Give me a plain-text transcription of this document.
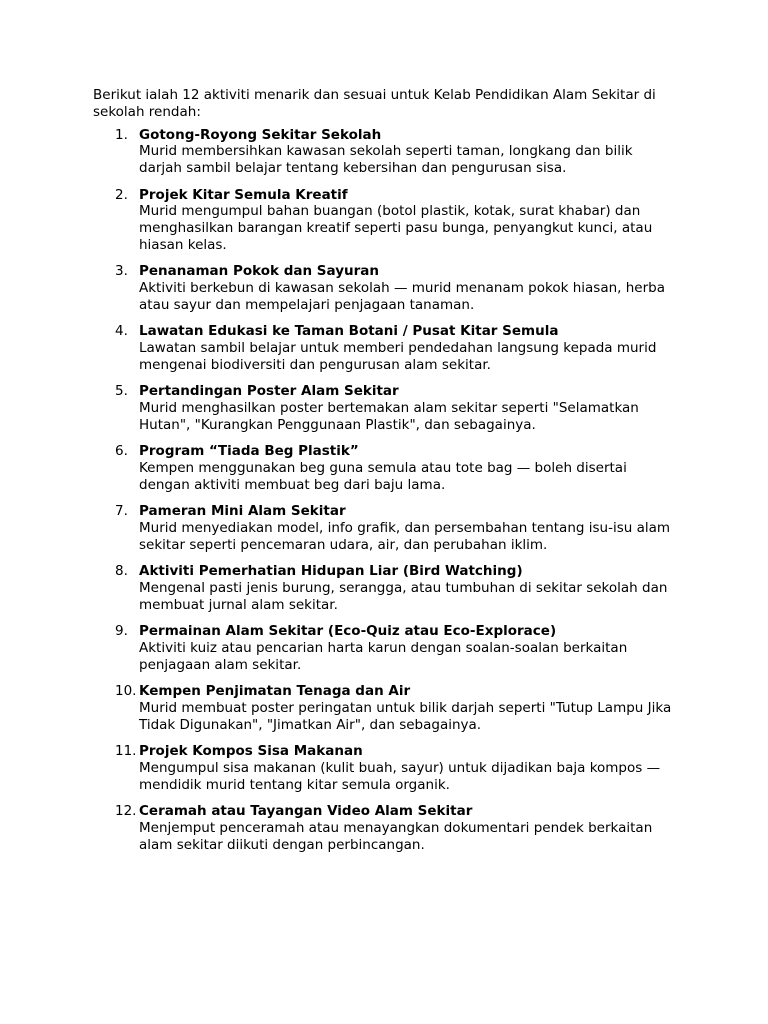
Berikut ialah 12 aktiviti menarik dan sesuai untuk Kelab Pendidikan Alam Sekitar di sekolah rendah:

1. Gotong-Royong Sekitar Sekolah
Murid membersihkan kawasan sekolah seperti taman, longkang dan bilik darjah sambil belajar tentang kebersihan dan pengurusan sisa.
2. Projek Kitar Semula Kreatif
Murid mengumpul bahan buangan (botol plastik, kotak, surat khabar) dan menghasilkan barangan kreatif seperti pasu bunga, penyangkut kunci, atau hiasan kelas.
3. Penanaman Pokok dan Sayuran
Aktiviti berkebun di kawasan sekolah — murid menanam pokok hiasan, herba atau sayur dan mempelajari penjagaan tanaman.
4. Lawatan Edukasi ke Taman Botani / Pusat Kitar Semula
Lawatan sambil belajar untuk memberi pendedahan langsung kepada murid mengenai biodiversiti dan pengurusan alam sekitar.
5. Pertandingan Poster Alam Sekitar
Murid menghasilkan poster bertemakan alam sekitar seperti "Selamatkan Hutan", "Kurangkan Penggunaan Plastik", dan sebagainya.
6. Program “Tiada Beg Plastik”
Kempen menggunakan beg guna semula atau tote bag — boleh disertai dengan aktiviti membuat beg dari baju lama.
7. Pameran Mini Alam Sekitar
Murid menyediakan model, info grafik, dan persembahan tentang isu-isu alam sekitar seperti pencemaran udara, air, dan perubahan iklim.
8. Aktiviti Pemerhatian Hidupan Liar (Bird Watching)
Mengenal pasti jenis burung, serangga, atau tumbuhan di sekitar sekolah dan membuat jurnal alam sekitar.
9. Permainan Alam Sekitar (Eco-Quiz atau Eco-Explorace)
Aktiviti kuiz atau pencarian harta karun dengan soalan-soalan berkaitan penjagaan alam sekitar.
10. Kempen Penjimatan Tenaga dan Air
Murid membuat poster peringatan untuk bilik darjah seperti "Tutup Lampu Jika Tidak Digunakan", "Jimatkan Air", dan sebagainya.
11. Projek Kompos Sisa Makanan
Mengumpul sisa makanan (kulit buah, sayur) untuk dijadikan baja kompos — mendidik murid tentang kitar semula organik.
12. Ceramah atau Tayangan Video Alam Sekitar
Menjemput penceramah atau menayangkan dokumentari pendek berkaitan alam sekitar diikuti dengan perbincangan.
